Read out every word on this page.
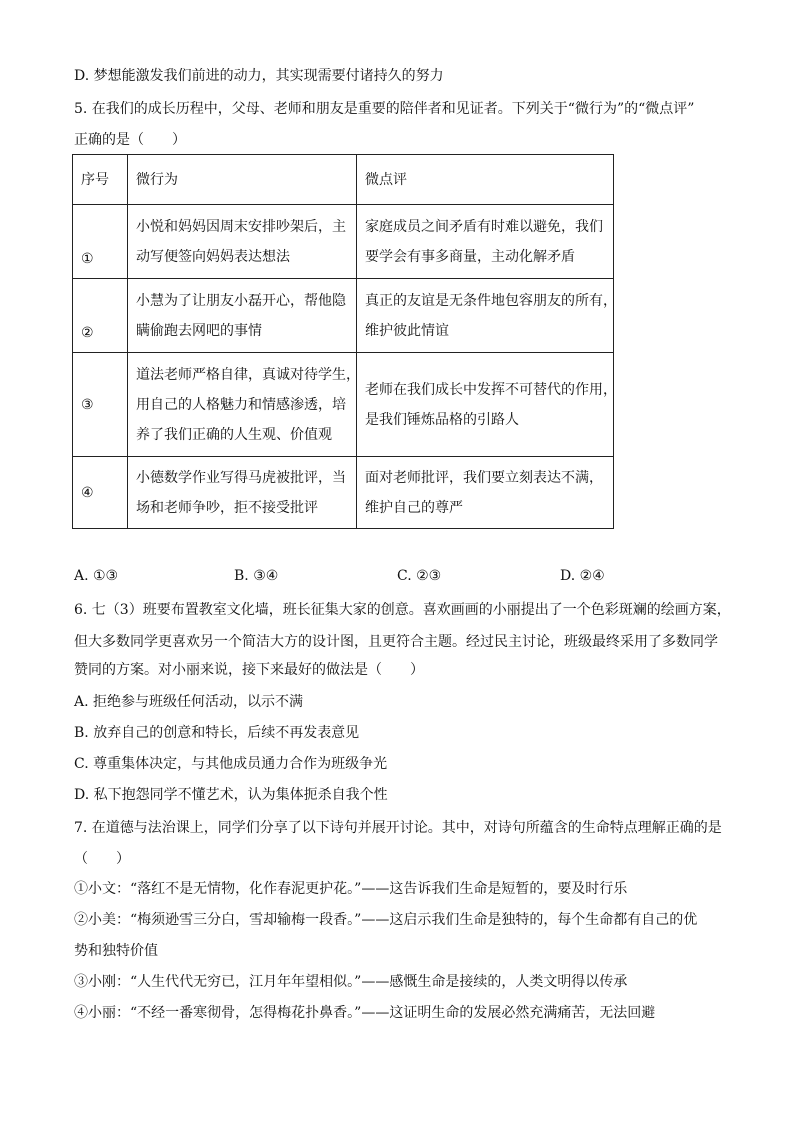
D. 梦想能激发我们前进的动力，其实现需要付诸持久的努力
5. 在我们的成长历程中，父母、老师和朋友是重要的陪伴者和见证者。下列关于“微行为”的“微点评”
正确的是（　　）
序号	微行为	微点评
①	小悦和妈妈因周末安排吵架后，主
动写便签向妈妈表达想法	家庭成员之间矛盾有时难以避免，我们
要学会有事多商量，主动化解矛盾

②	小慧为了让朋友小磊开心，帮他隐
瞒偷跑去网吧的事情	真正的友谊是无条件地包容朋友的所有，
维护彼此情谊

③	道法老师严格自律，真诚对待学生，
用自己的人格魅力和情感渗透，培
养了我们正确的人生观、价值观	老师在我们成长中发挥不可替代的作用，
是我们锤炼品格的引路人

④	小德数学作业写得马虎被批评，当
场和老师争吵，拒不接受批评	面对老师批评，我们要立刻表达不满，
维护自己的尊严
A. ①③	B. ③④	C. ②③	D. ②④
6. 七（3）班要布置教室文化墙，班长征集大家的创意。喜欢画画的小丽提出了一个色彩斑斓的绘画方案，
但大多数同学更喜欢另一个简洁大方的设计图，且更符合主题。经过民主讨论，班级最终采用了多数同学
赞同的方案。对小丽来说，接下来最好的做法是（　　）
A. 拒绝参与班级任何活动，以示不满
B. 放弃自己的创意和特长，后续不再发表意见
C. 尊重集体决定，与其他成员通力合作为班级争光
D. 私下抱怨同学不懂艺术，认为集体扼杀自我个性
7. 在道德与法治课上，同学们分享了以下诗句并展开讨论。其中，对诗句所蕴含的生命特点理解正确的是
（　　）
①小文：“落红不是无情物，化作春泥更护花。”——这告诉我们生命是短暂的，要及时行乐
②小美：“梅须逊雪三分白，雪却输梅一段香。”——这启示我们生命是独特的，每个生命都有自己的优
势和独特价值
③小刚：“人生代代无穷已，江月年年望相似。”——感慨生命是接续的，人类文明得以传承
④小丽：“不经一番寒彻骨，怎得梅花扑鼻香。”——这证明生命的发展必然充满痛苦，无法回避
